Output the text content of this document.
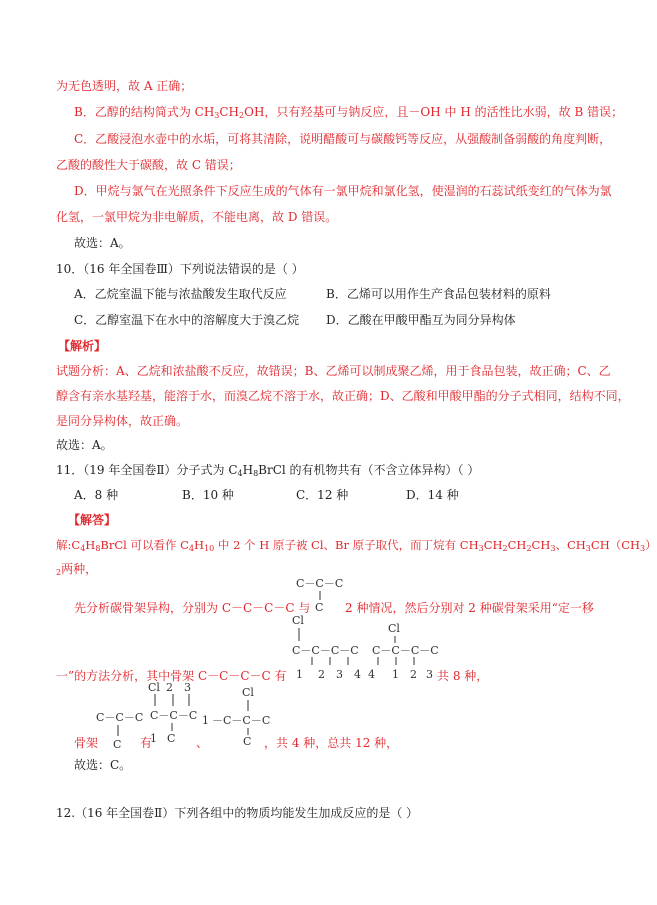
为无色透明，故 A 正确；
B．乙醇的结构简式为 $CH_3CH_2OH$，只有羟基可与钠反应，且－OH 中 H 的活性比水弱，故 B 错误；
C．乙酸浸泡水壶中的水垢，可将其清除，说明醋酸可与碳酸钙等反应，从强酸制备弱酸的角度判断，
乙酸的酸性大于碳酸，故 C 错误；
D．甲烷与氯气在光照条件下反应生成的气体有一氯甲烷和氯化氢，使湿润的石蕊试纸变红的气体为氯
化氢，一氯甲烷为非电解质，不能电离，故 D 错误。
故选：A。
10．（16 年全国卷Ⅲ）下列说法错误的是（ ）
A．乙烷室温下能与浓盐酸发生取代反应	B．乙烯可以用作生产食品包装材料的原料
C．乙醇室温下在水中的溶解度大于溴乙烷 D．乙酸在甲酸甲酯互为同分异构体
【解析】
试题分析：A、乙烷和浓盐酸不反应，故错误；B、乙烯可以制成聚乙烯，用于食品包装，故正确；C、乙
醇含有亲水基羟基，能溶于水，而溴乙烷不溶于水，故正确；D、乙酸和甲酸甲酯的分子式相同，结构不同，
是同分异构体，故正确。
故选：A。
11．（19 年全国卷Ⅱ）分子式为 $C_4H_8BrCl$ 的有机物共有（不含立体异构）（ ）
A．8 种	B．10 种	C．12 种	D．14 种
【解答】
解$:C_4H_8BrCl$ 可以看作 $C_4H_{10}$ 中 2 个 H 原子被 Cl、Br 原子取代，而丁烷有 $CH_3CH_2CH_2CH_3$、$CH_3CH(CH_3)$
$_2$两种，
C－C－C
C
先分析碳骨架异构，分别为 C－C－C－C 与	2 种情况，然后分别对 2 种碳骨架采用“定一移
Cl
C－C－C－C
1 2 3 4
Cl
C－C－C－C
4 1 2 3
一”的方法分析，其中骨架 C－C－C－C 有	共 8 种，
C－C－C
C
Cl 2 3
C－C－C
C
1
Cl
1 －C－C－C
C
骨架	有	、	，共 4 种，总共 12 种，
故选：C。
12.（16 年全国卷Ⅱ）下列各组中的物质均能发生加成反应的是（ ）
